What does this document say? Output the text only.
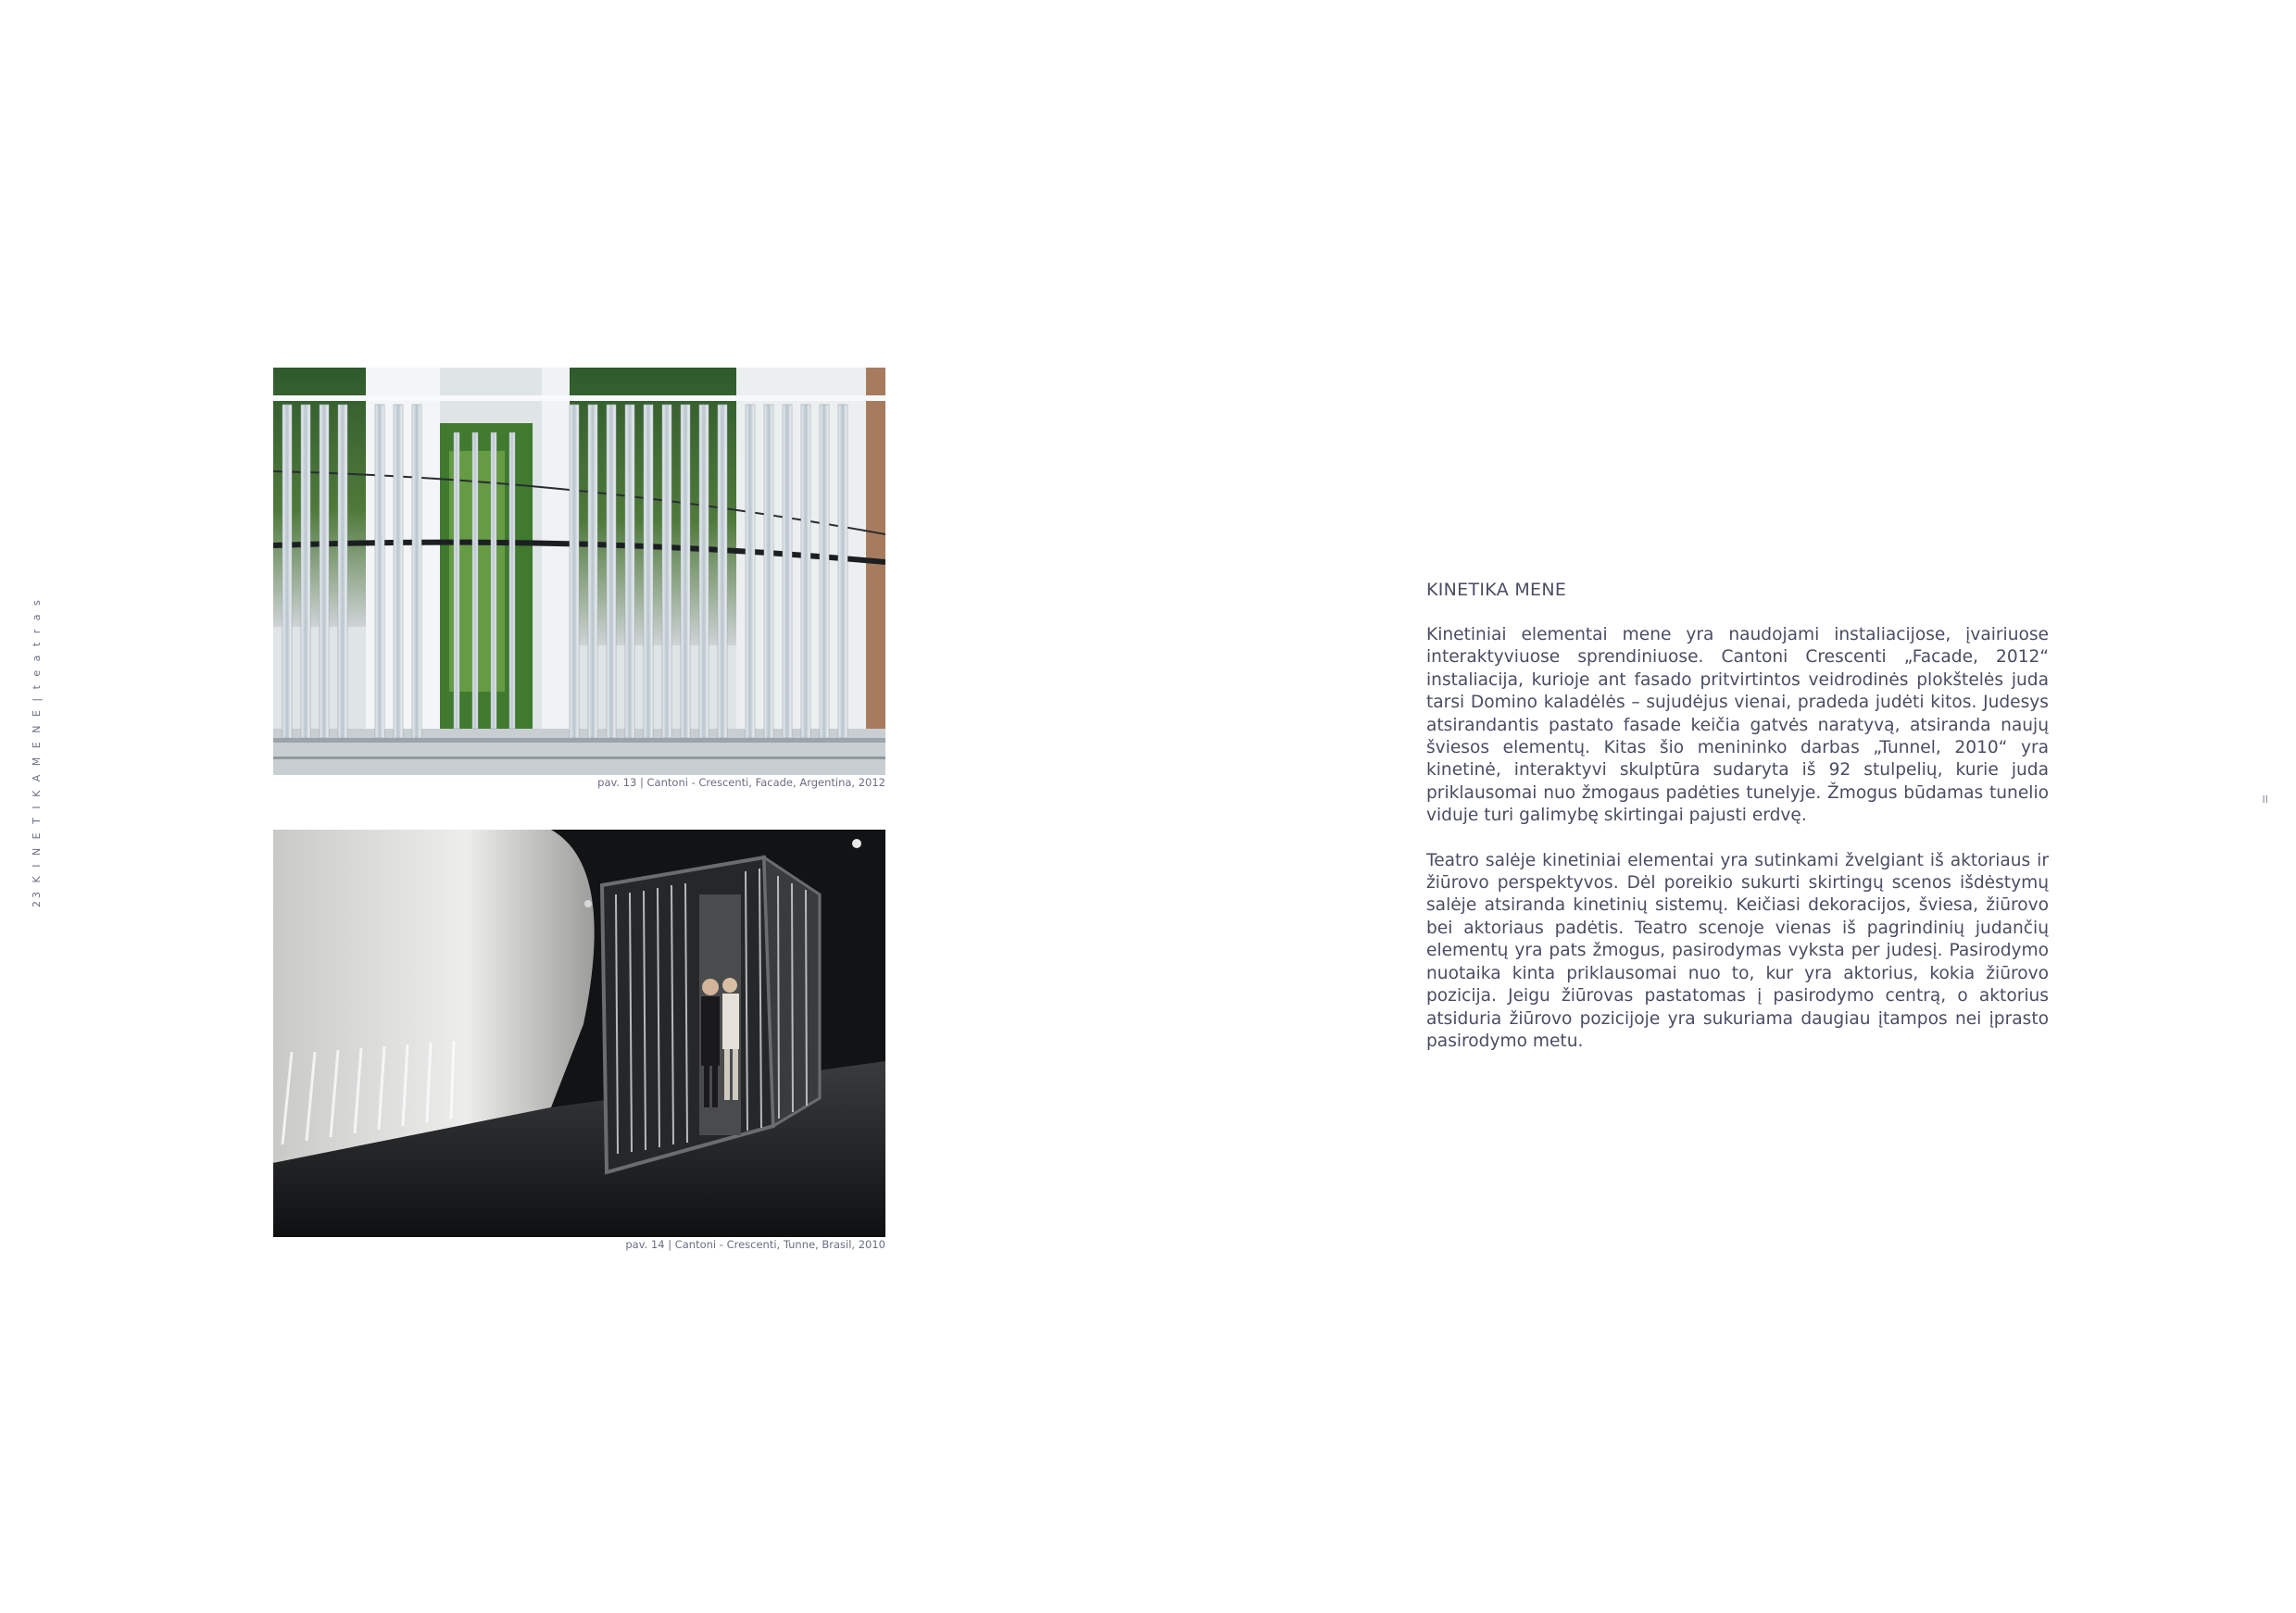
23 K I N E T I K A M E N E | t e a t r a s	pav. 13 | Cantoni - Crescenti, Facade, Argentina, 2012
pav. 14 | Cantoni - Crescenti, Tunne, Brasil, 2010
KINETIKA MENE

Kinetiniai elementai mene yra naudojami instaliacijose, įvairiuose interaktyviuose sprendiniuose. Cantoni Crescenti „Facade, 2012“ instaliacija, kurioje ant fasado pritvirtintos veidrodinės plokštelės juda tarsi Domino kaladėlės – sujudėjus vienai, pradeda judėti kitos. Judesys atsirandantis pastato fasade keičia gatvės naratyvą, atsiranda naujų šviesos elementų. Kitas šio menininko darbas „Tunnel, 2010“ yra kinetinė, interaktyvi skulptūra sudaryta iš 92 stulpelių, kurie juda priklausomai nuo žmogaus padėties tunelyje. Žmogus būdamas tunelio viduje turi galimybę skirtingai pajusti erdvę.

Teatro salėje kinetiniai elementai yra sutinkami žvelgiant iš aktoriaus ir žiūrovo perspektyvos. Dėl poreikio sukurti skirtingų scenos išdėstymų salėje atsiranda kinetinių sistemų. Keičiasi dekoracijos, šviesa, žiūrovo bei aktoriaus padėtis. Teatro scenoje vienas iš pagrindinių judančių elementų yra pats žmogus, pasirodymas vyksta per judesį. Pasirodymo nuotaika kinta priklausomai nuo to, kur yra aktorius, kokia žiūrovo pozicija. Jeigu žiūrovas pastatomas į pasirodymo centrą, o aktorius atsiduria žiūrovo pozicijoje yra sukuriama daugiau įtampos nei įprasto pasirodymo metu.

II
